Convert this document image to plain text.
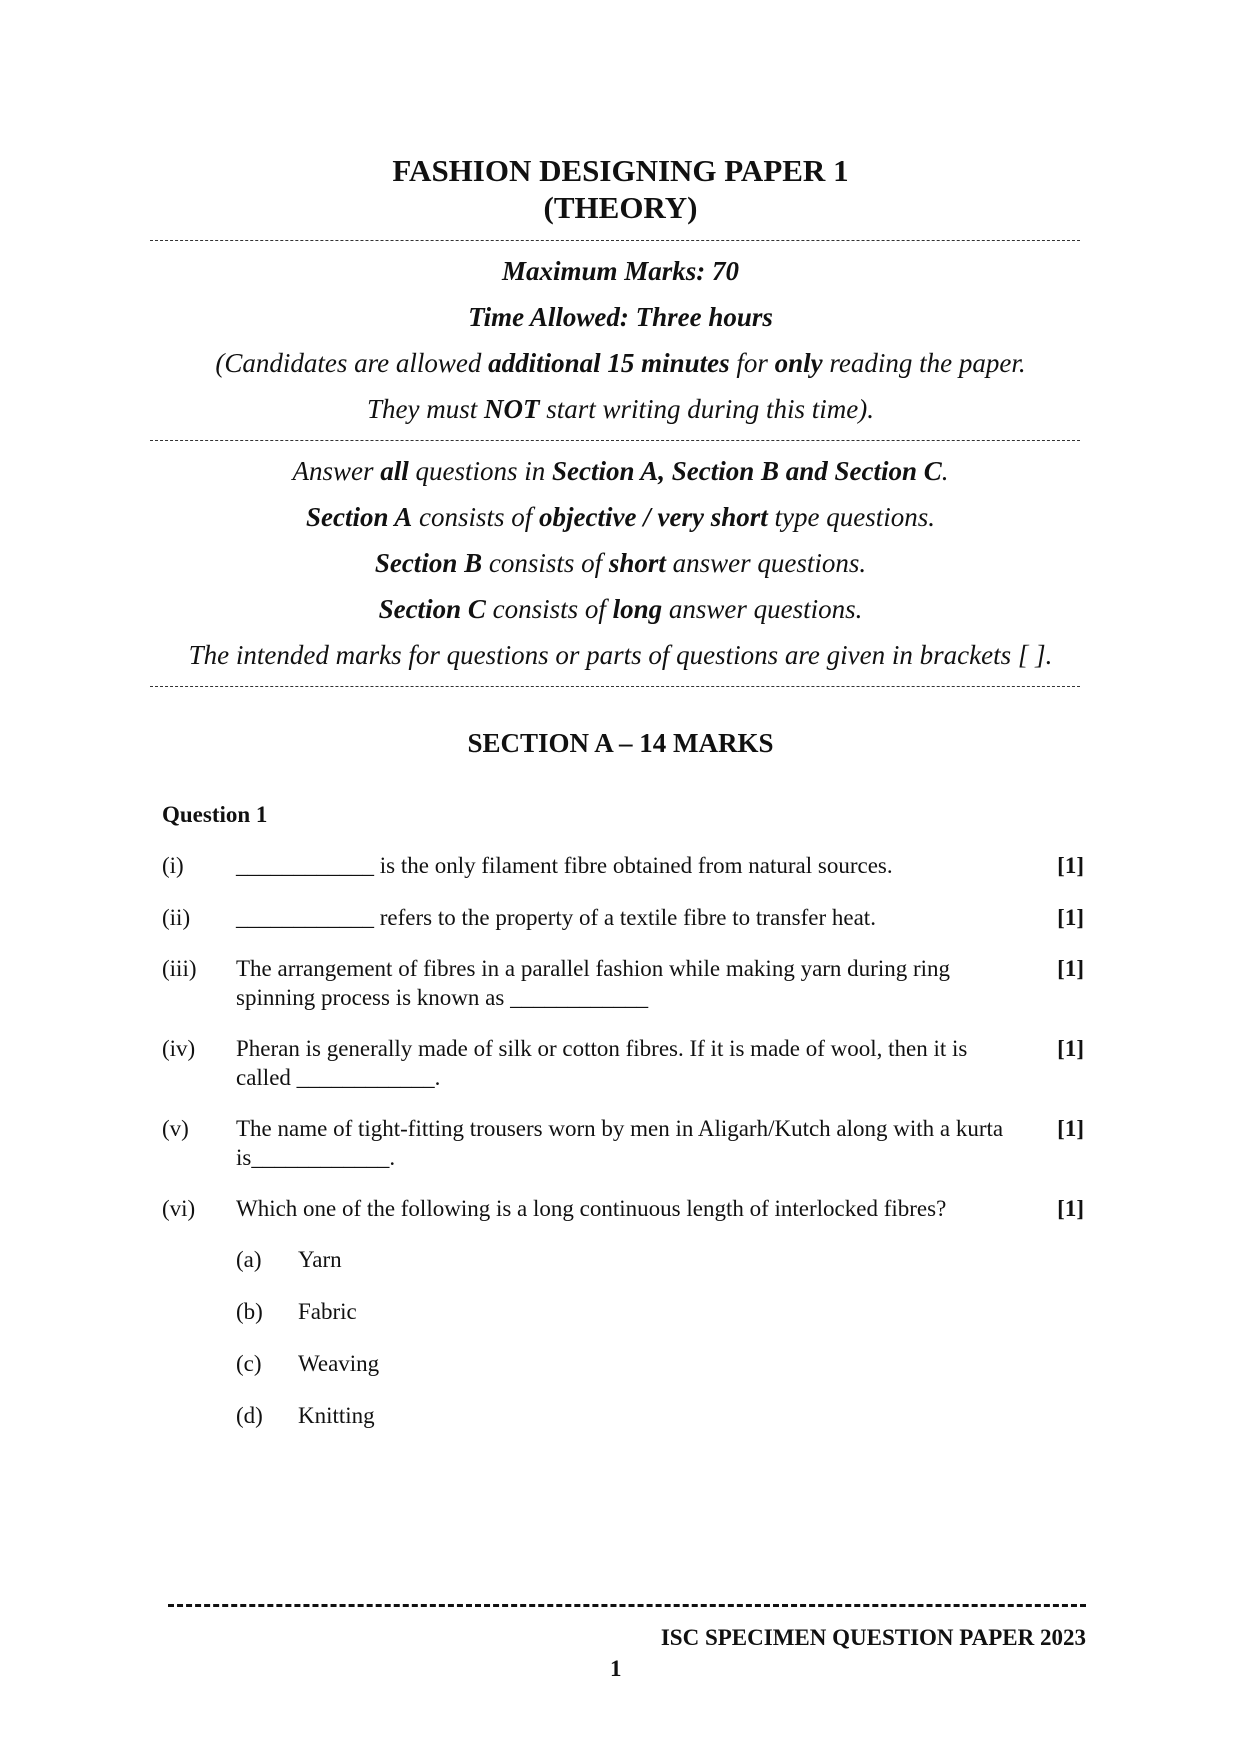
FASHION DESIGNING PAPER 1
(THEORY)
Maximum Marks: 70
Time Allowed: Three hours
(Candidates are allowed additional 15 minutes for only reading the paper.
They must NOT start writing during this time).
Answer all questions in Section A, Section B and Section C.
Section A consists of objective / very short type questions.
Section B consists of short answer questions.
Section C consists of long answer questions.
The intended marks for questions or parts of questions are given in brackets [ ].
SECTION A – 14 MARKS
Question 1
(i) ____________ is the only filament fibre obtained from natural sources.	[1]
(ii) ____________ refers to the property of a textile fibre to transfer heat.	[1]
(iii) The arrangement of fibres in a parallel fashion while making yarn during ring spinning process is known as ____________
[1]
(iv) Pheran is generally made of silk or cotton fibres. If it is made of wool, then it is called ____________.
[1]
(v) The name of tight-fitting trousers worn by men in Aligarh/Kutch along with a kurta is____________.
[1]
(vi) Which one of the following is a long continuous length of interlocked fibres?	[1]
(a) Yarn
(b) Fabric
(c) Weaving
(d) Knitting
ISC SPECIMEN QUESTION PAPER 2023
1
